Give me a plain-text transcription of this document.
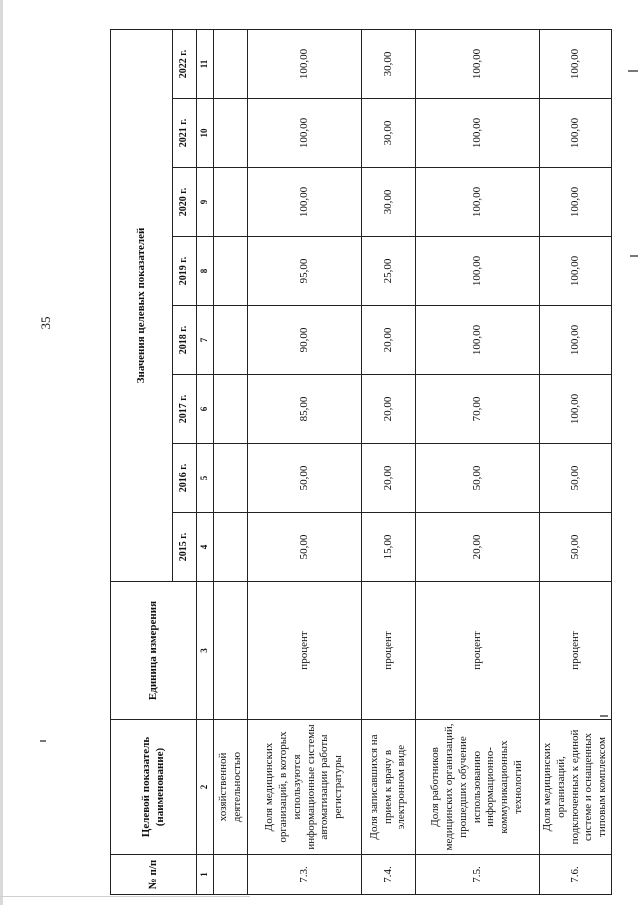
35
№ п/п	Целевой показатель (наименование)	Единица измерения	Значения целевых показателей							
			2015 г.	2016 г.	2017 г.	2018 г.	2019 г.	2020 г.	2021 г.	2022 г.
1	2	3	4	5	6	7	8	9	10	11
	хозяйственной деятельностью									
7.3.	Доля медицинских организаций, в которых используются информационные системы автоматизации работы регистратуры	процент	50,00	50,00	85,00	90,00	95,00	100,00	100,00	100,00
7.4.	Доля записавшихся на прием к врачу в электронном виде	процент	15,00	20,00	20,00	20,00	25,00	30,00	30,00	30,00
7.5.	Доля работников медицинских организаций, прошедших обучение использованию информационно-коммуникационных технологий	процент	20,00	50,00	70,00	100,00	100,00	100,00	100,00	100,00
7.6.	Доля медицинских организаций, подключенных к единой системе и оснащенных типовым комплексом	процент	50,00	50,00	100,00	100,00	100,00	100,00	100,00	100,00
